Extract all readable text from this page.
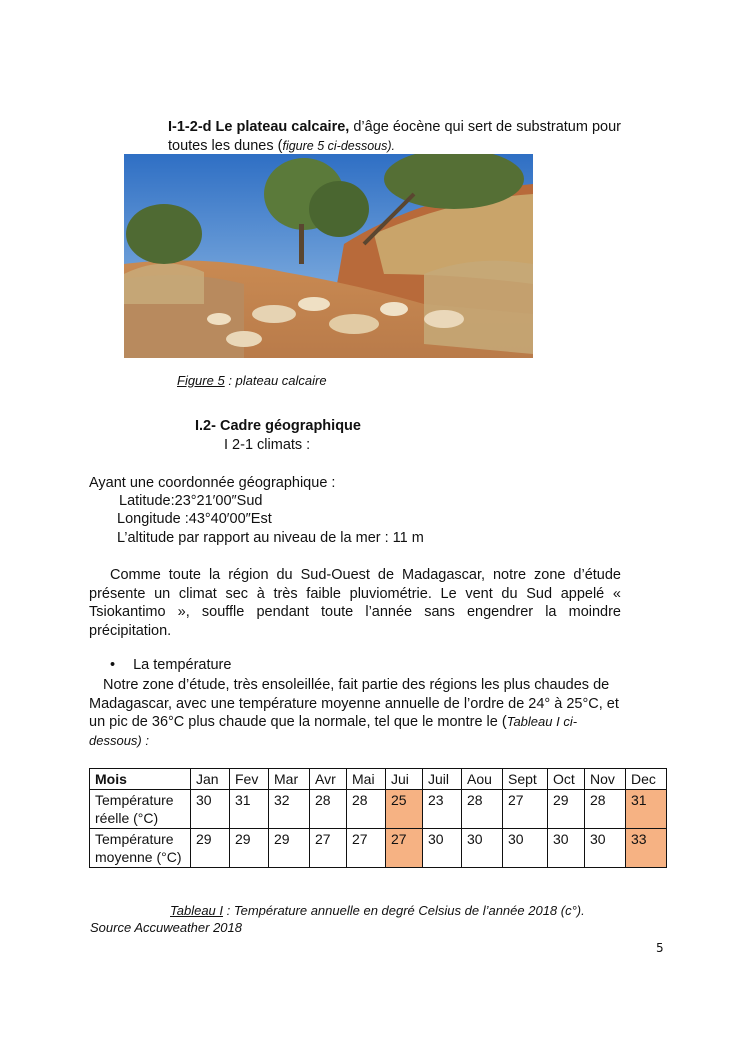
I-1-2-d Le plateau calcaire, d’âge éocène qui sert de substratum pour toutes les dunes (figure 5 ci-dessous).
Figure 5 : plateau calcaire
I.2- Cadre géographique
I 2-1 climats :
Ayant une coordonnée géographique :
Latitude:23°21′00″Sud
Longitude :43°40′00″Est
L’altitude par rapport au niveau de la mer : 11 m
Comme toute la région du Sud-Ouest de Madagascar, notre zone d’étude présente un climat sec à très faible pluviométrie. Le vent du Sud appelé « Tsiokantimo », souffle pendant toute l’année sans engendrer la moindre précipitation.
• La température
Notre zone d’étude, très ensoleillée, fait partie des régions les plus chaudes de Madagascar, avec une température moyenne annuelle de l’ordre de 24° à 25°C, et un pic de 36°C plus chaude que la normale, tel que le montre le (Tableau I ci-dessous) :
Mois	Jan	Fev	Mar	Avr	Mai	Jui	Juil	Aou	Sept	Oct	Nov	Dec
Température réelle (°C)	30	31	32	28	28	25	23	28	27	29	28	31
Température moyenne (°C)	29	29	29	27	27	27	30	30	30	30	30	33
Tableau I : Température annuelle en degré Celsius de l’année 2018 (c°).
Source Accuweather 2018
5
